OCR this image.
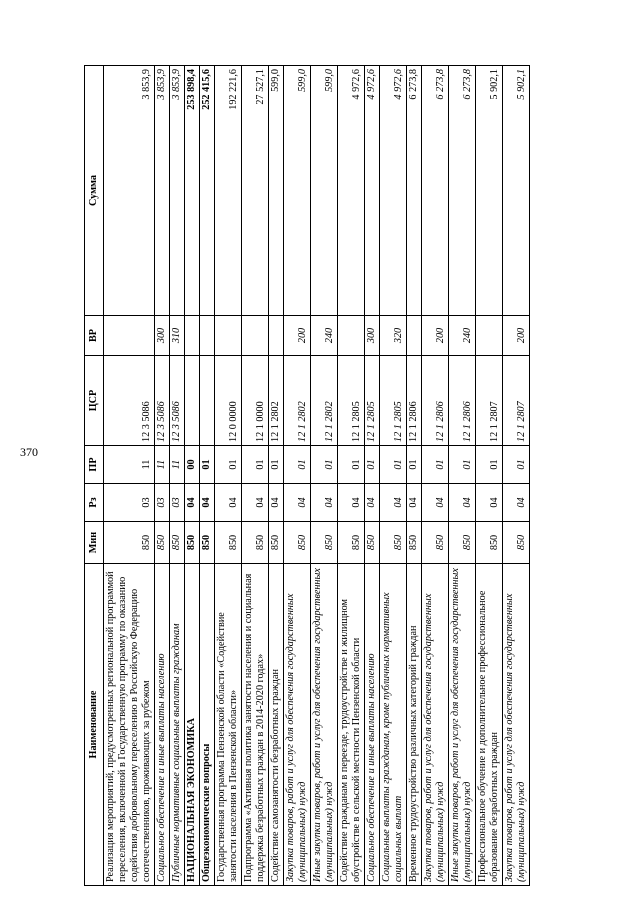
370
Наименование	Мин	Рз	ПР	ЦСР	ВР	Сумма
Реализация мероприятий, предусмотренных региональной программой переселения, включенной в Государственную программу по оказанию содействия добровольному переселению в Российскую Федерацию соотечественников, проживающих за рубежом	850	03	11	12 3 5086		3 853,9
Социальное обеспечение и иные выплаты населению	850	03	11	12 3 5086	300	3 853,9
Публичные нормативные социальные выплаты гражданам	850	03	11	12 3 5086	310	3 853,9
НАЦИОНАЛЬНАЯ ЭКОНОМИКА	850	04	00			253 898,4
Общеэкономические вопросы	850	04	01			252 415,6
Государственная программа Пензенской области «Содействие занятости населения в Пензенской области»	850	04	01	12 0 0000		192 221,6
Подпрограмма «Активная политика занятости населения и социальная поддержка безработных граждан в 2014-2020 годах»	850	04	01	12 1 0000		27 527,1
Содействие самозанятости безработных граждан	850	04	01	12 1 2802		599,0
Закупка товаров, работ и услуг для обеспечения государственных (муниципальных) нужд	850	04	01	12 1 2802	200	599,0
Иные закупки товаров, работ и услуг для обеспечения государственных (муниципальных) нужд	850	04	01	12 1 2802	240	599,0
Содействие гражданам в переезде, трудоустройстве и жилищном обустройстве в сельской местности Пензенской области	850	04	01	12 1 2805		4 972,6
Социальное обеспечение и иные выплаты населению	850	04	01	12 1 2805	300	4 972,6
Социальные выплаты гражданам, кроме публичных нормативных социальных выплат	850	04	01	12 1 2805	320	4 972,6
Временное трудоустройство различных категорий граждан	850	04	01	12 1 2806		6 273,8
Закупка товаров, работ и услуг для обеспечения государственных (муниципальных) нужд	850	04	01	12 1 2806	200	6 273,8
Иные закупки товаров, работ и услуг для обеспечения государственных (муниципальных) нужд	850	04	01	12 1 2806	240	6 273,8
Профессиональное обучение и дополнительное профессиональное образование безработных граждан	850	04	01	12 1 2807		5 902,1
Закупка товаров, работ и услуг для обеспечения государственных (муниципальных) нужд	850	04	01	12 1 2807	200	5 902,1
